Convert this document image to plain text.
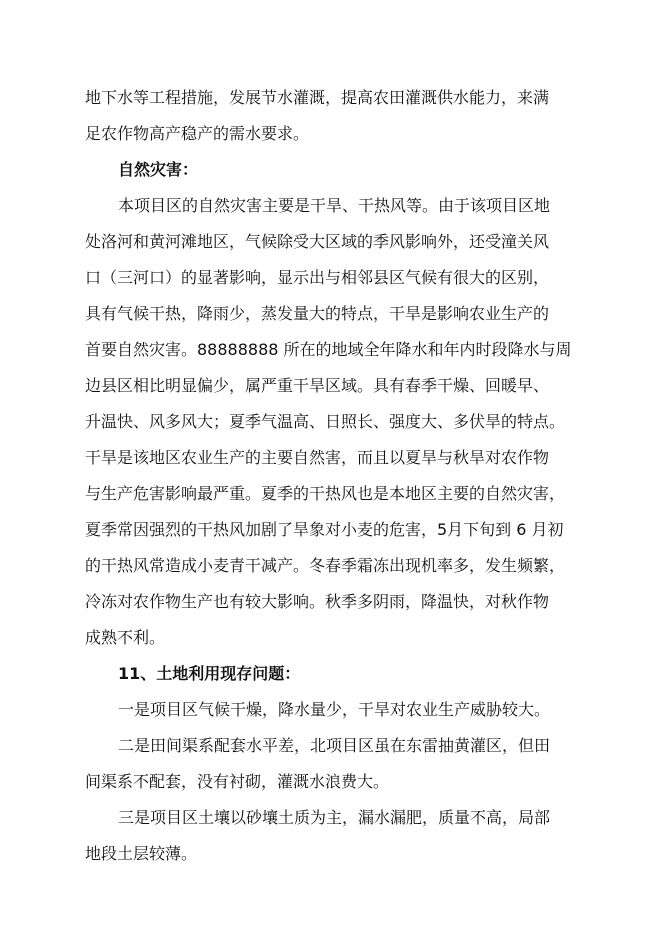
地下水等工程措施，发展节水灌溉，提高农田灌溉供水能力，来满
足农作物高产稳产的需水要求。
自然灾害：
本项目区的自然灾害主要是干旱、干热风等。由于该项目区地
处洛河和黄河滩地区，气候除受大区域的季风影响外，还受潼关风
口（三河口）的显著影响，显示出与相邻县区气候有很大的区别，
具有气候干热，降雨少，蒸发量大的特点，干旱是影响农业生产的
首要自然灾害。88888888 所在的地域全年降水和年内时段降水与周
边县区相比明显偏少，属严重干旱区域。具有春季干燥、回暖早、
升温快、风多风大；夏季气温高、日照长、强度大、多伏旱的特点。
干旱是该地区农业生产的主要自然害，而且以夏旱与秋旱对农作物
与生产危害影响最严重。夏季的干热风也是本地区主要的自然灾害，
夏季常因强烈的干热风加剧了旱象对小麦的危害，5月下旬到 6 月初
的干热风常造成小麦青干减产。冬春季霜冻出现机率多，发生频繁，
冷冻对农作物生产也有较大影响。秋季多阴雨，降温快，对秋作物
成熟不利。
11、土地利用现存问题：
一是项目区气候干燥，降水量少，干旱对农业生产威胁较大。
二是田间渠系配套水平差，北项目区虽在东雷抽黄灌区，但田
间渠系不配套，没有衬砌，灌溉水浪费大。
三是项目区土壤以砂壤土质为主，漏水漏肥，质量不高，局部
地段土层较薄。
